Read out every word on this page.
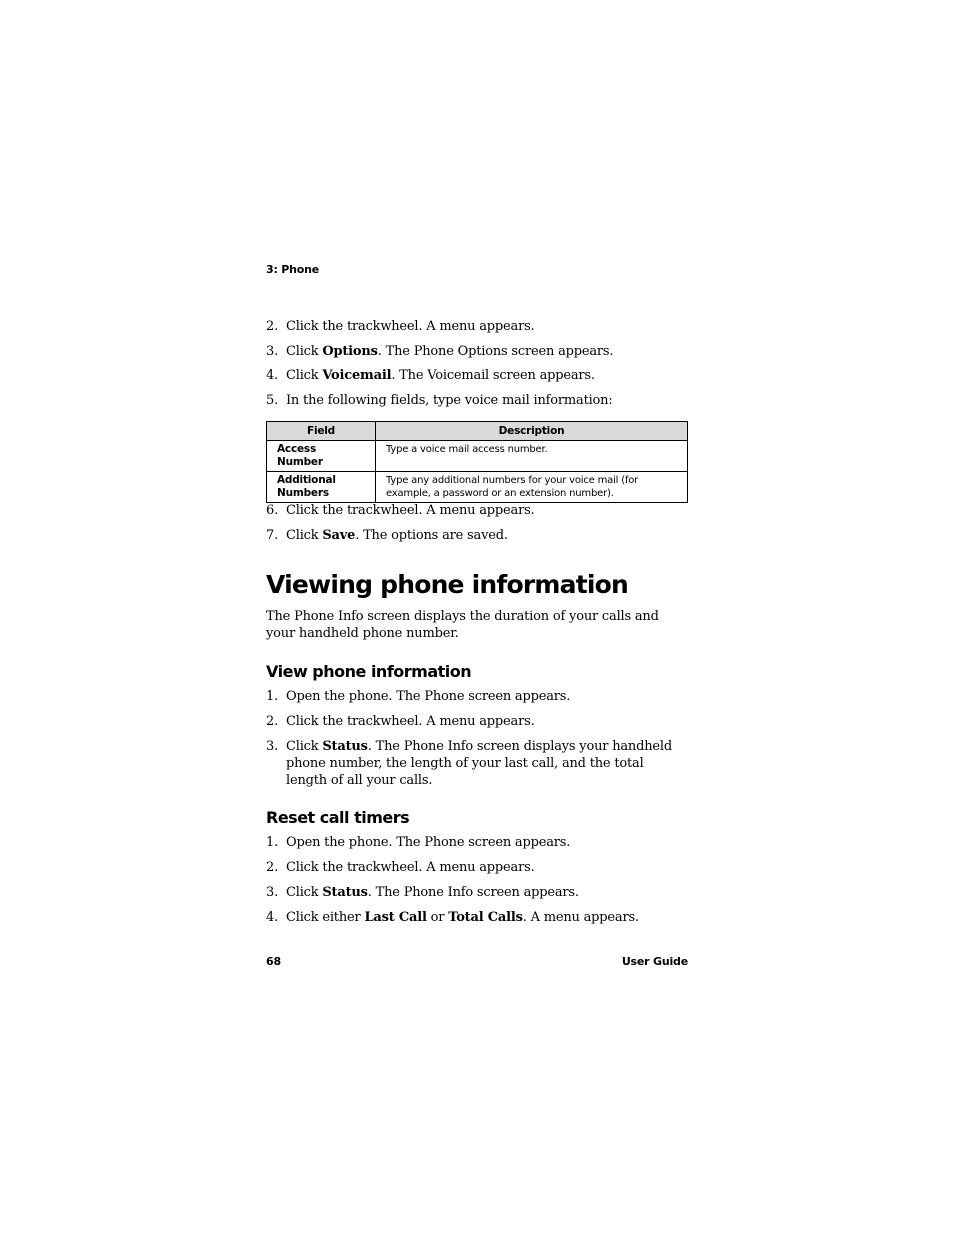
3: Phone
2. Click the trackwheel. A menu appears.
3. Click Options. The Phone Options screen appears.
4. Click Voicemail. The Voicemail screen appears.
5. In the following fields, type voice mail information:
Field	Description
Access Number	Type a voice mail access number.
Additional Numbers	Type any additional numbers for your voice mail (for example, a password or an extension number).
6. Click the trackwheel. A menu appears.
7. Click Save. The options are saved.
Viewing phone information

The Phone Info screen displays the duration of your calls and your handheld phone number.

View phone information
1. Open the phone. The Phone screen appears.
2. Click the trackwheel. A menu appears.
3. Click Status. The Phone Info screen displays your handheld phone number, the length of your last call, and the total length of all your calls.
Reset call timers
1. Open the phone. The Phone screen appears.
2. Click the trackwheel. A menu appears.
3. Click Status. The Phone Info screen appears.
4. Click either Last Call or Total Calls. A menu appears.
68	User Guide
